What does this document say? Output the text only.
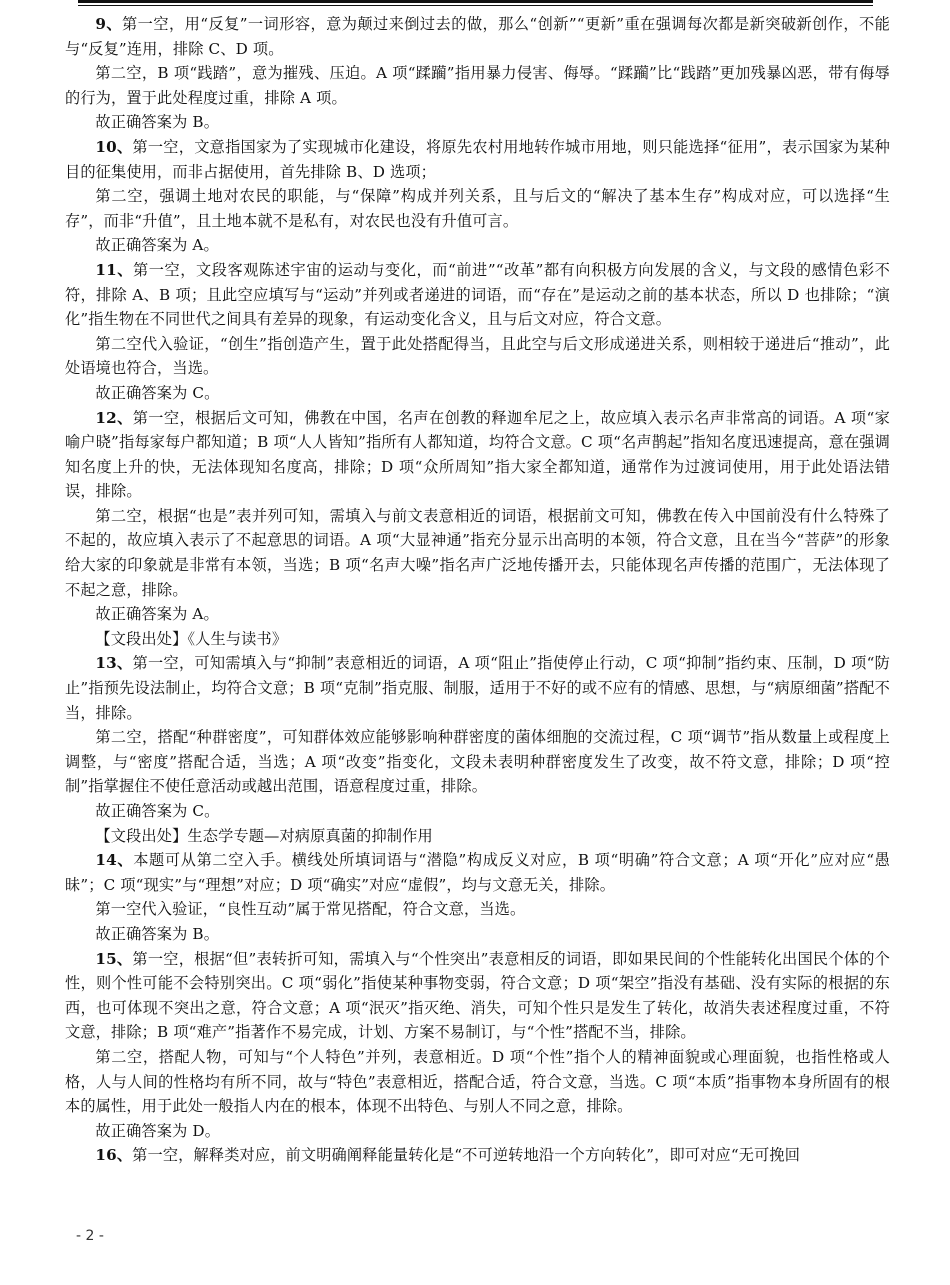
9、第一空，用“反复”一词形容，意为颠过来倒过去的做，那么“创新”“更新”重在强调每次都是新突破新创作，不能与“反复”连用，排除 C、D 项。

第二空，B 项“践踏”，意为摧残、压迫。A 项“蹂躏”指用暴力侵害、侮辱。“蹂躏”比“践踏”更加残暴凶恶，带有侮辱的行为，置于此处程度过重，排除 A 项。

故正确答案为 B。

10、第一空，文意指国家为了实现城市化建设，将原先农村用地转作城市用地，则只能选择“征用”，表示国家为某种目的征集使用，而非占据使用，首先排除 B、D 选项；

第二空，强调土地对农民的职能，与“保障”构成并列关系，且与后文的“解决了基本生存”构成对应，可以选择“生存”，而非“升值”，且土地本就不是私有，对农民也没有升值可言。

故正确答案为 A。

11、第一空，文段客观陈述宇宙的运动与变化，而“前进”“改革”都有向积极方向发展的含义，与文段的感情色彩不符，排除 A、B 项；且此空应填写与“运动”并列或者递进的词语，而“存在”是运动之前的基本状态，所以 D 也排除；“演化”指生物在不同世代之间具有差异的现象，有运动变化含义，且与后文对应，符合文意。

第二空代入验证，“创生”指创造产生，置于此处搭配得当，且此空与后文形成递进关系，则相较于递进后“推动”，此处语境也符合，当选。

故正确答案为 C。

12、第一空，根据后文可知，佛教在中国，名声在创教的释迦牟尼之上，故应填入表示名声非常高的词语。A 项“家喻户晓”指每家每户都知道；B 项“人人皆知”指所有人都知道，均符合文意。C 项“名声鹊起”指知名度迅速提高，意在强调知名度上升的快，无法体现知名度高，排除；D 项“众所周知”指大家全都知道，通常作为过渡词使用，用于此处语法错误，排除。

第二空，根据“也是”表并列可知，需填入与前文表意相近的词语，根据前文可知，佛教在传入中国前没有什么特殊了不起的，故应填入表示了不起意思的词语。A 项“大显神通”指充分显示出高明的本领，符合文意，且在当今“菩萨”的形象给大家的印象就是非常有本领，当选；B 项“名声大噪”指名声广泛地传播开去，只能体现名声传播的范围广，无法体现了不起之意，排除。

故正确答案为 A。

【文段出处】《人生与读书》

13、第一空，可知需填入与“抑制”表意相近的词语，A 项“阻止”指使停止行动，C 项“抑制”指约束、压制，D 项“防止”指预先设法制止，均符合文意；B 项“克制”指克服、制服，适用于不好的或不应有的情感、思想，与“病原细菌”搭配不当，排除。

第二空，搭配“种群密度”，可知群体效应能够影响种群密度的菌体细胞的交流过程，C 项“调节”指从数量上或程度上调整，与“密度”搭配合适，当选；A 项“改变”指变化，文段未表明种群密度发生了改变，故不符文意，排除；D 项“控制”指掌握住不使任意活动或越出范围，语意程度过重，排除。

故正确答案为 C。

【文段出处】生态学专题—对病原真菌的抑制作用

14、本题可从第二空入手。横线处所填词语与“潜隐”构成反义对应，B 项“明确”符合文意；A 项“开化”应对应“愚昧”；C 项“现实”与“理想”对应；D 项“确实”对应“虚假”，均与文意无关，排除。

第一空代入验证，“良性互动”属于常见搭配，符合文意，当选。

故正确答案为 B。

15、第一空，根据“但”表转折可知，需填入与“个性突出”表意相反的词语，即如果民间的个性能转化出国民个体的个性，则个性可能不会特别突出。C 项“弱化”指使某种事物变弱，符合文意；D 项“架空”指没有基础、没有实际的根据的东西，也可体现不突出之意，符合文意；A 项“泯灭”指灭绝、消失，可知个性只是发生了转化，故消失表述程度过重，不符文意，排除；B 项“难产”指著作不易完成，计划、方案不易制订，与“个性”搭配不当，排除。

第二空，搭配人物，可知与“个人特色”并列，表意相近。D 项“个性”指个人的精神面貌或心理面貌，也指性格或人格，人与人间的性格均有所不同，故与“特色”表意相近，搭配合适，符合文意，当选。C 项“本质”指事物本身所固有的根本的属性，用于此处一般指人内在的根本，体现不出特色、与别人不同之意，排除。

故正确答案为 D。

16、第一空，解释类对应，前文明确阐释能量转化是“不可逆转地沿一个方向转化”，即可对应“无可挽回

- 2 -
